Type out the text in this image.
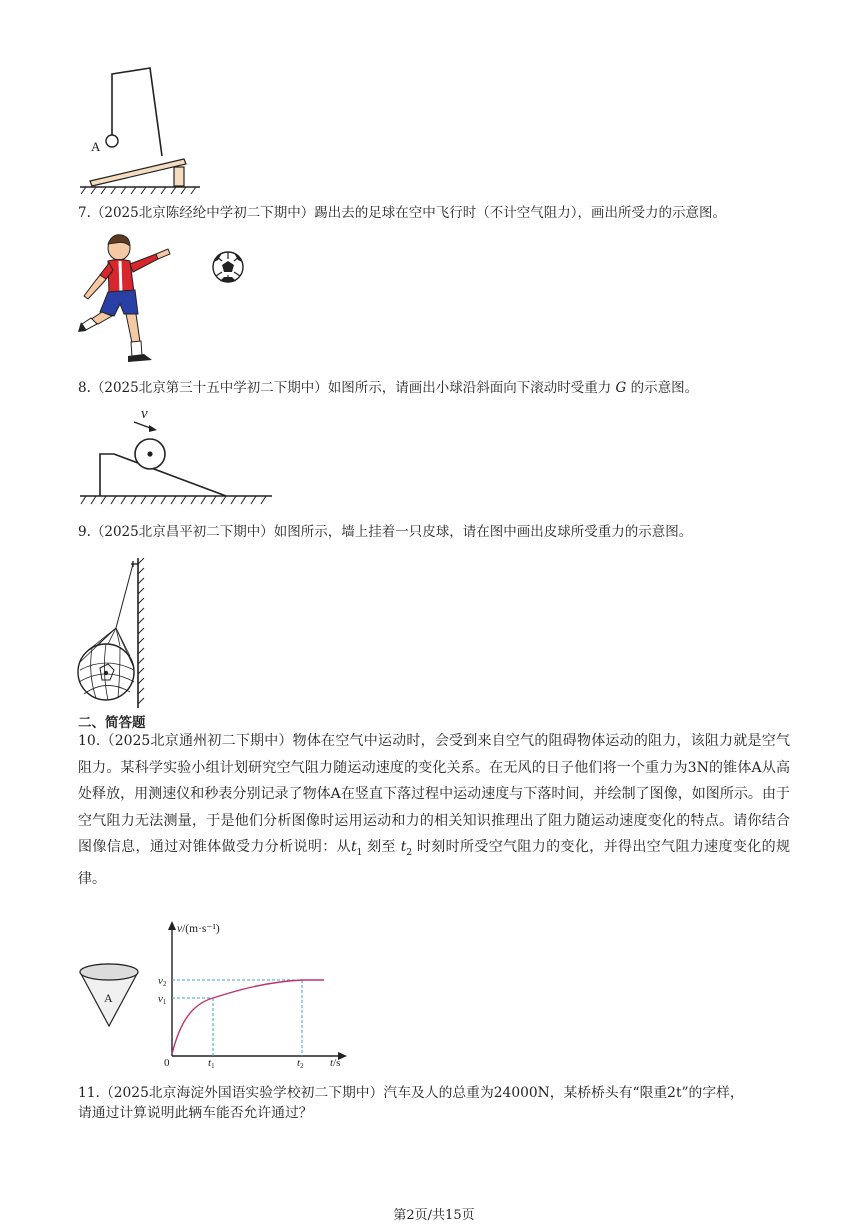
A
7.（2025北京陈经纶中学初二下期中）踢出去的足球在空中飞行时（不计空气阻力），画出所受力的示意图。
8.（2025北京第三十五中学初二下期中）如图所示，请画出小球沿斜面向下滚动时受重力 G 的示意图。
v
9.（2025北京昌平初二下期中）如图所示，墙上挂着一只皮球，请在图中画出皮球所受重力的示意图。
二、简答题

10.（2025北京通州初二下期中）物体在空气中运动时，会受到来自空气的阻碍物体运动的阻力，该阻力就是空气阻力。某科学实验小组计划研究空气阻力随运动速度的变化关系。在无风的日子他们将一个重力为3N的锥体A从高处释放，用测速仪和秒表分别记录了物体A在竖直下落过程中运动速度与下落时间，并绘制了图像，如图所示。由于空气阻力无法测量，于是他们分析图像时运用运动和力的相关知识推理出了阻力随运动速度变化的特点。请你结合图像信息，通过对锥体做受力分析说明：从$t_1$ 刻至 $t_2$ 时刻时所受空气阻力的变化，并得出空气阻力速度变化的规律。

A
v/(m·s⁻¹)
v2
v1
0	t1	t2 t/s
11.（2025北京海淀外国语实验学校初二下期中）汽车及人的总重为24000N，某桥桥头有“限重2t”的字样，
请通过计算说明此辆车能否允许通过？
第2页/共15页
